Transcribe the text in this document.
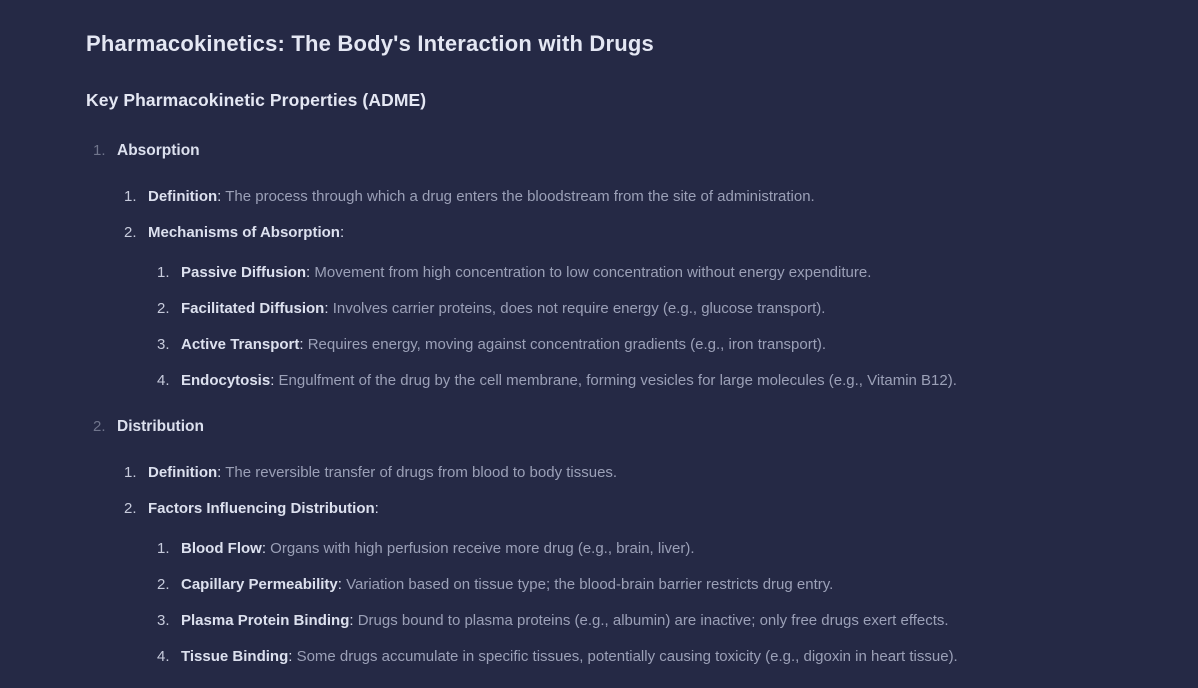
Pharmacokinetics: The Body's Interaction with Drugs
Key Pharmacokinetic Properties (ADME)
1. Absorption
1. Definition: The process through which a drug enters the bloodstream from the site of administration.
2. Mechanisms of Absorption:
1. Passive Diffusion: Movement from high concentration to low concentration without energy expenditure.
2. Facilitated Diffusion: Involves carrier proteins, does not require energy (e.g., glucose transport).
3. Active Transport: Requires energy, moving against concentration gradients (e.g., iron transport).
4. Endocytosis: Engulfment of the drug by the cell membrane, forming vesicles for large molecules (e.g., Vitamin B12).
2. Distribution
1. Definition: The reversible transfer of drugs from blood to body tissues.
2. Factors Influencing Distribution:
1. Blood Flow: Organs with high perfusion receive more drug (e.g., brain, liver).
2. Capillary Permeability: Variation based on tissue type; the blood-brain barrier restricts drug entry.
3. Plasma Protein Binding: Drugs bound to plasma proteins (e.g., albumin) are inactive; only free drugs exert effects.
4. Tissue Binding: Some drugs accumulate in specific tissues, potentially causing toxicity (e.g., digoxin in heart tissue).
